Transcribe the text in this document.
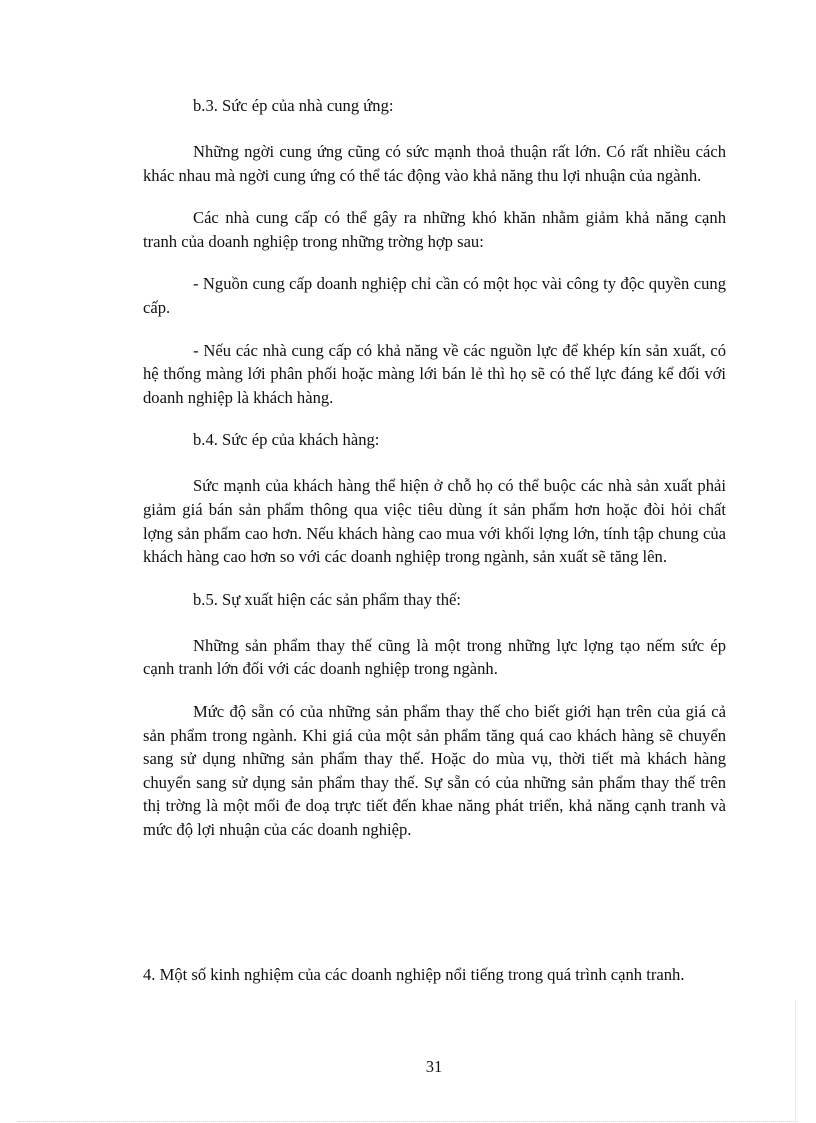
b.3. Sức ép của nhà cung ứng:

Những ngời cung ứng cũng có sức mạnh thoả thuận rất lớn. Có rất nhiều cách khác nhau mà ngời cung ứng có thể tác động vào khả năng thu lợi nhuận của ngành.

Các nhà cung cấp có thể gây ra những khó khăn nhằm giảm khả năng cạnh tranh của doanh nghiệp trong những trờng hợp sau:

- Nguồn cung cấp doanh nghiệp chỉ cần có một học vài công ty độc quyền cung cấp.

- Nếu các nhà cung cấp có khả năng về các nguồn lực để khép kín sản xuất, có hệ thống màng lới phân phối hoặc màng lới bán lẻ thì họ sẽ có thế lực đáng kể đối với doanh nghiệp là khách hàng.

b.4. Sức ép của khách hàng:

Sức mạnh của khách hàng thể hiện ở chỗ họ có thể buộc các nhà sản xuất phải giảm giá bán sản phẩm thông qua việc tiêu dùng ít sản phẩm hơn hoặc đòi hỏi chất lợng sản phẩm cao hơn. Nếu khách hàng cao mua với khối lợng lớn, tính tập chung của khách hàng cao hơn so với các doanh nghiệp trong ngành, sản xuất sẽ tăng lên.

b.5. Sự xuất hiện các sản phẩm thay thế:

Những sản phẩm thay thế cũng là một trong những lực lợng tạo nếm sức ép cạnh tranh lớn đối với các doanh nghiệp trong ngành.

Mức độ sẵn có của những sản phẩm thay thế cho biết giới hạn trên của giá cả sản phẩm trong ngành. Khi giá của một sản phẩm tăng quá cao khách hàng sẽ chuyển sang sử dụng những sản phẩm thay thế. Hoặc do mùa vụ, thời tiết mà khách hàng chuyển sang sử dụng sản phẩm thay thế. Sự sẵn có của những sản phẩm thay thế trên thị trờng là một mối đe doạ trực tiết đến khae năng phát triển, khả năng cạnh tranh và mức độ lợi nhuận của các doanh nghiệp.

4. Một số kinh nghiệm của các doanh nghiệp nổi tiếng trong quá trình cạnh tranh.

31
